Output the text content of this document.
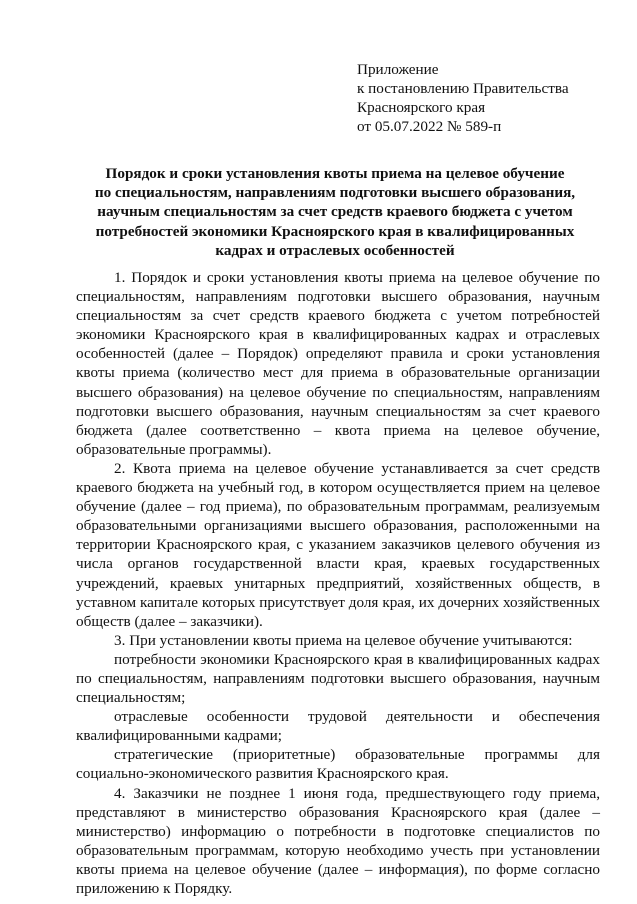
Приложение
к постановлению Правительства
Красноярского края
от 05.07.2022 № 589-п
Порядок и сроки установления квоты приема на целевое обучение
по специальностям, направлениям подготовки высшего образования,
научным специальностям за счет средств краевого бюджета с учетом
потребностей экономики Красноярского края в квалифицированных
кадрах и отраслевых особенностей

1. Порядок и сроки установления квоты приема на целевое обучение по специальностям, направлениям подготовки высшего образования, научным специальностям за счет средств краевого бюджета с учетом потребностей экономики Красноярского края в квалифицированных кадрах и отраслевых особенностей (далее – Порядок) определяют правила и сроки установления квоты приема (количество мест для приема в образовательные организации высшего образования) на целевое обучение по специальностям, направлениям подготовки высшего образования, научным специальностям за счет краевого бюджета (далее соответственно – квота приема на целевое обучение, образовательные программы).

2. Квота приема на целевое обучение устанавливается за счет средств краевого бюджета на учебный год, в котором осуществляется прием на целевое обучение (далее – год приема), по образовательным программам, реализуемым образовательными организациями высшего образования, расположенными на территории Красноярского края, с указанием заказчиков целевого обучения из числа органов государственной власти края, краевых государственных учреждений, краевых унитарных предприятий, хозяйственных обществ, в уставном капитале которых присутствует доля края, их дочерних хозяйственных обществ (далее – заказчики).

3. При установлении квоты приема на целевое обучение учитываются:

потребности экономики Красноярского края в квалифицированных кадрах по специальностям, направлениям подготовки высшего образования, научным специальностям;

отраслевые особенности трудовой деятельности и обеспечения квалифицированными кадрами;

стратегические (приоритетные) образовательные программы для социально-экономического развития Красноярского края.

4. Заказчики не позднее 1 июня года, предшествующего году приема, представляют в министерство образования Красноярского края (далее – министерство) информацию о потребности в подготовке специалистов по образовательным программам, которую необходимо учесть при установлении квоты приема на целевое обучение (далее – информация), по форме согласно приложению к Порядку.
